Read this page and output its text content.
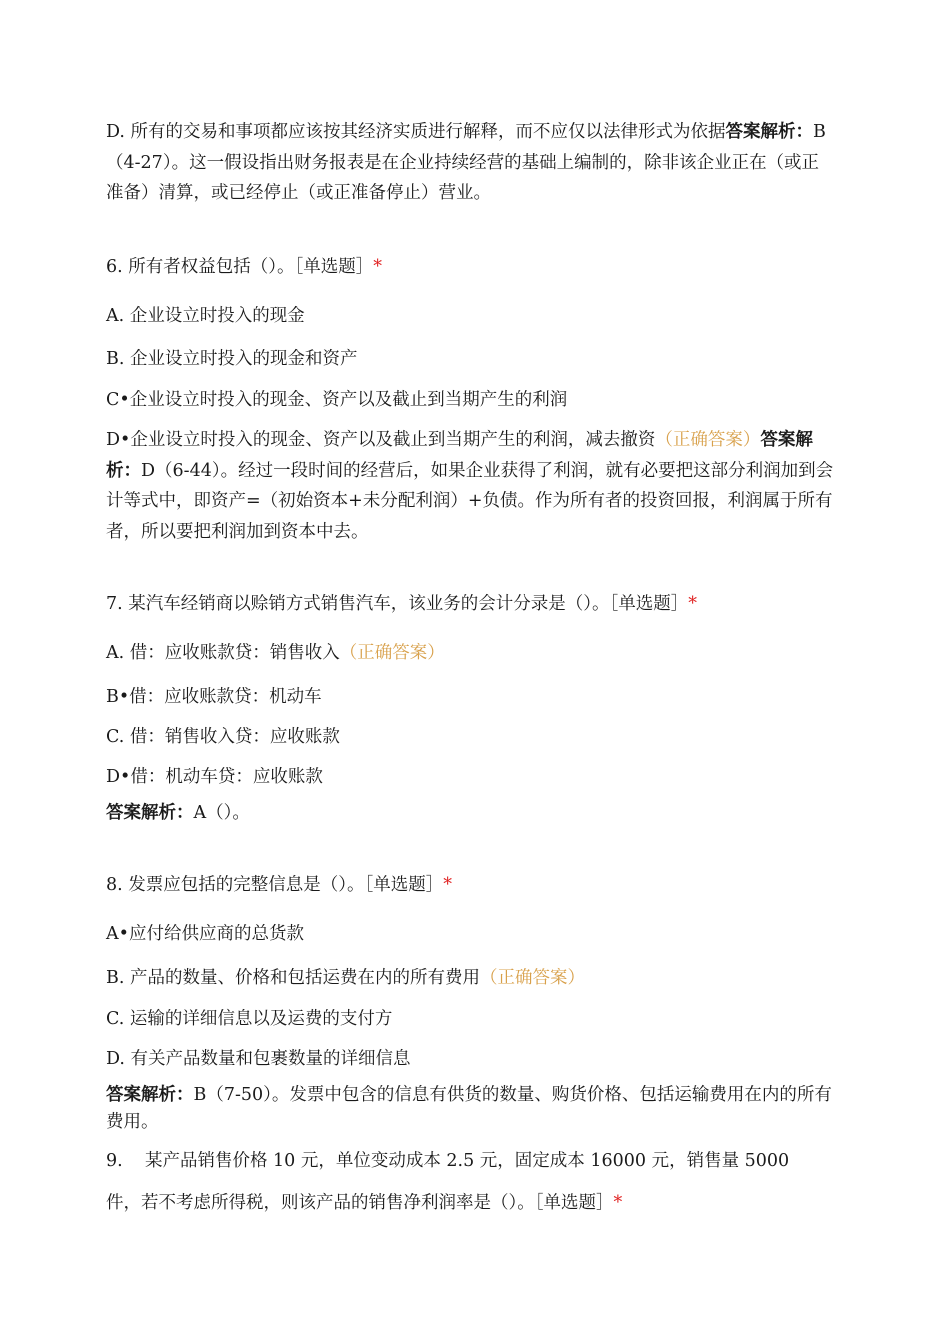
D. 所有的交易和事项都应该按其经济实质进行解释，而不应仅以法律形式为依据答案解析：B（4-27）。这一假设指出财务报表是在企业持续经营的基础上编制的，除非该企业正在（或正准备）清算，或已经停止（或正准备停止）营业。

6. 所有者权益包括（）。［单选题］*
A. 企业设立时投入的现金
B. 企业设立时投入的现金和资产
C•企业设立时投入的现金、资产以及截止到当期产生的利润

D•企业设立时投入的现金、资产以及截止到当期产生的利润，减去撤资（正确答案）答案解析：D（6-44）。经过一段时间的经营后，如果企业获得了利润，就有必要把这部分利润加到会计等式中，即资产=（初始资本+未分配利润）+负债。作为所有者的投资回报，利润属于所有者，所以要把利润加到资本中去。

7. 某汽车经销商以赊销方式销售汽车，该业务的会计分录是（）。［单选题］*
A. 借：应收账款贷：销售收入（正确答案）
B•借：应收账款贷：机动车
C. 借：销售收入贷：应收账款
D•借：机动车贷：应收账款
答案解析：A（）。
8. 发票应包括的完整信息是（）。［单选题］*
A•应付给供应商的总货款
B. 产品的数量、价格和包括运费在内的所有费用（正确答案）
C. 运输的详细信息以及运费的支付方
D. 有关产品数量和包裹数量的详细信息

答案解析：B（7-50）。发票中包含的信息有供货的数量、购货价格、包括运输费用在内的所有费用。

9.    某产品销售价格 10 元，单位变动成本 2.5 元，固定成本 16000 元，销售量 5000
件，若不考虑所得税，则该产品的销售净利润率是（）。［单选题］*
